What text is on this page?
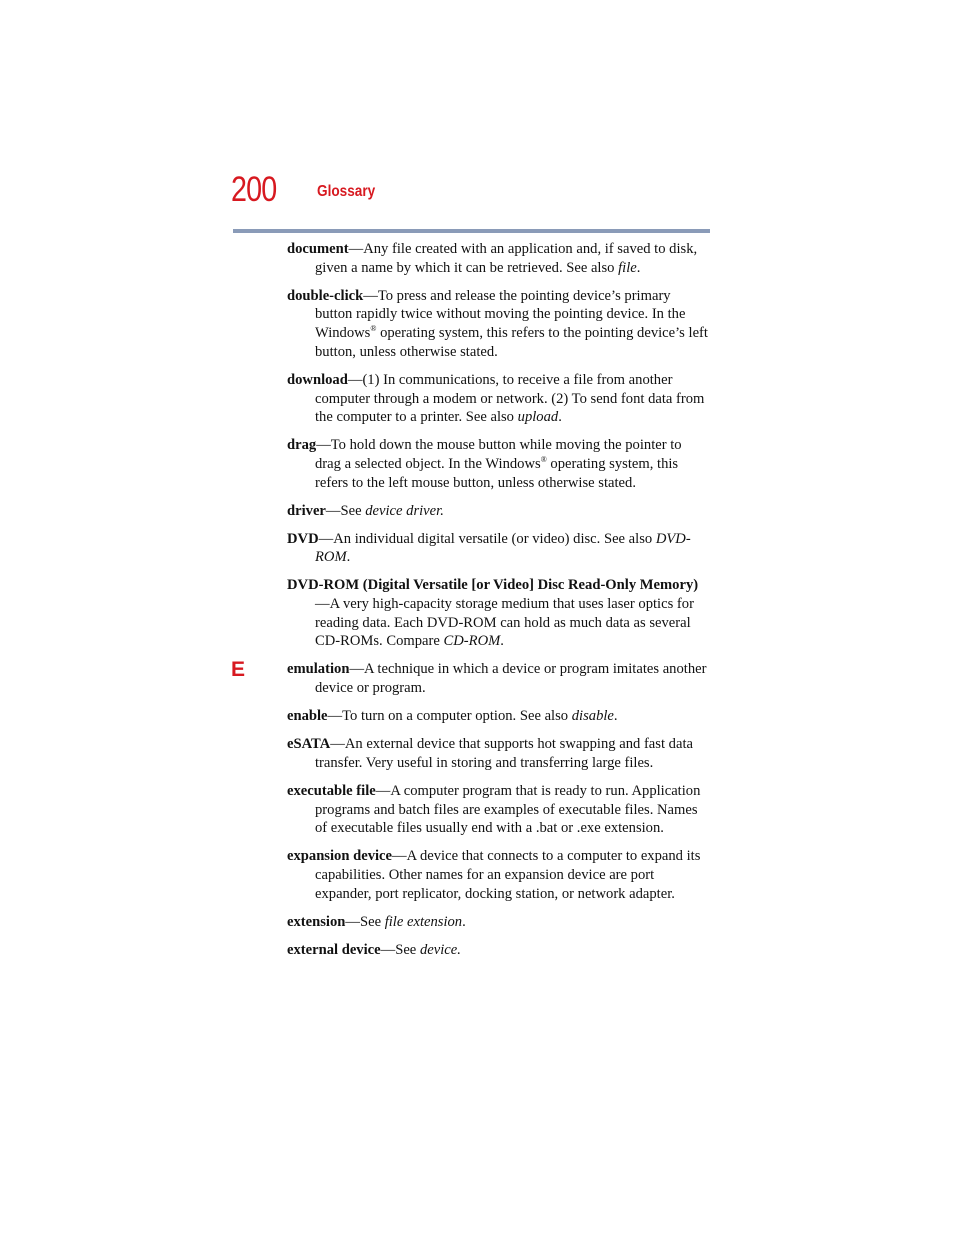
200	Glossary
E

document—Any file created with an application and, if saved to disk, given a name by which it can be retrieved. See also file.

double-click—To press and release the pointing device’s primary button rapidly twice without moving the pointing device. In the Windows® operating system, this refers to the pointing device’s left button, unless otherwise stated.

download—(1) In communications, to receive a file from another computer through a modem or network. (2) To send font data from the computer to a printer. See also upload.

drag—To hold down the mouse button while moving the pointer to drag a selected object. In the Windows® operating system, this refers to the left mouse button, unless otherwise stated.

driver—See device driver.

DVD—An individual digital versatile (or video) disc. See also DVD-ROM.

DVD-ROM (Digital Versatile [or Video] Disc Read-Only Memory)—A very high-capacity storage medium that uses laser optics for reading data. Each DVD-ROM can hold as much data as several CD-ROMs. Compare CD-ROM.

emulation—A technique in which a device or program imitates another device or program.

enable—To turn on a computer option. See also disable.

eSATA—An external device that supports hot swapping and fast data transfer. Very useful in storing and transferring large files.

executable file—A computer program that is ready to run. Application programs and batch files are examples of executable files. Names of executable files usually end with a .bat or .exe extension.

expansion device—A device that connects to a computer to expand its capabilities. Other names for an expansion device are port expander, port replicator, docking station, or network adapter.

extension—See file extension.

external device—See device.
